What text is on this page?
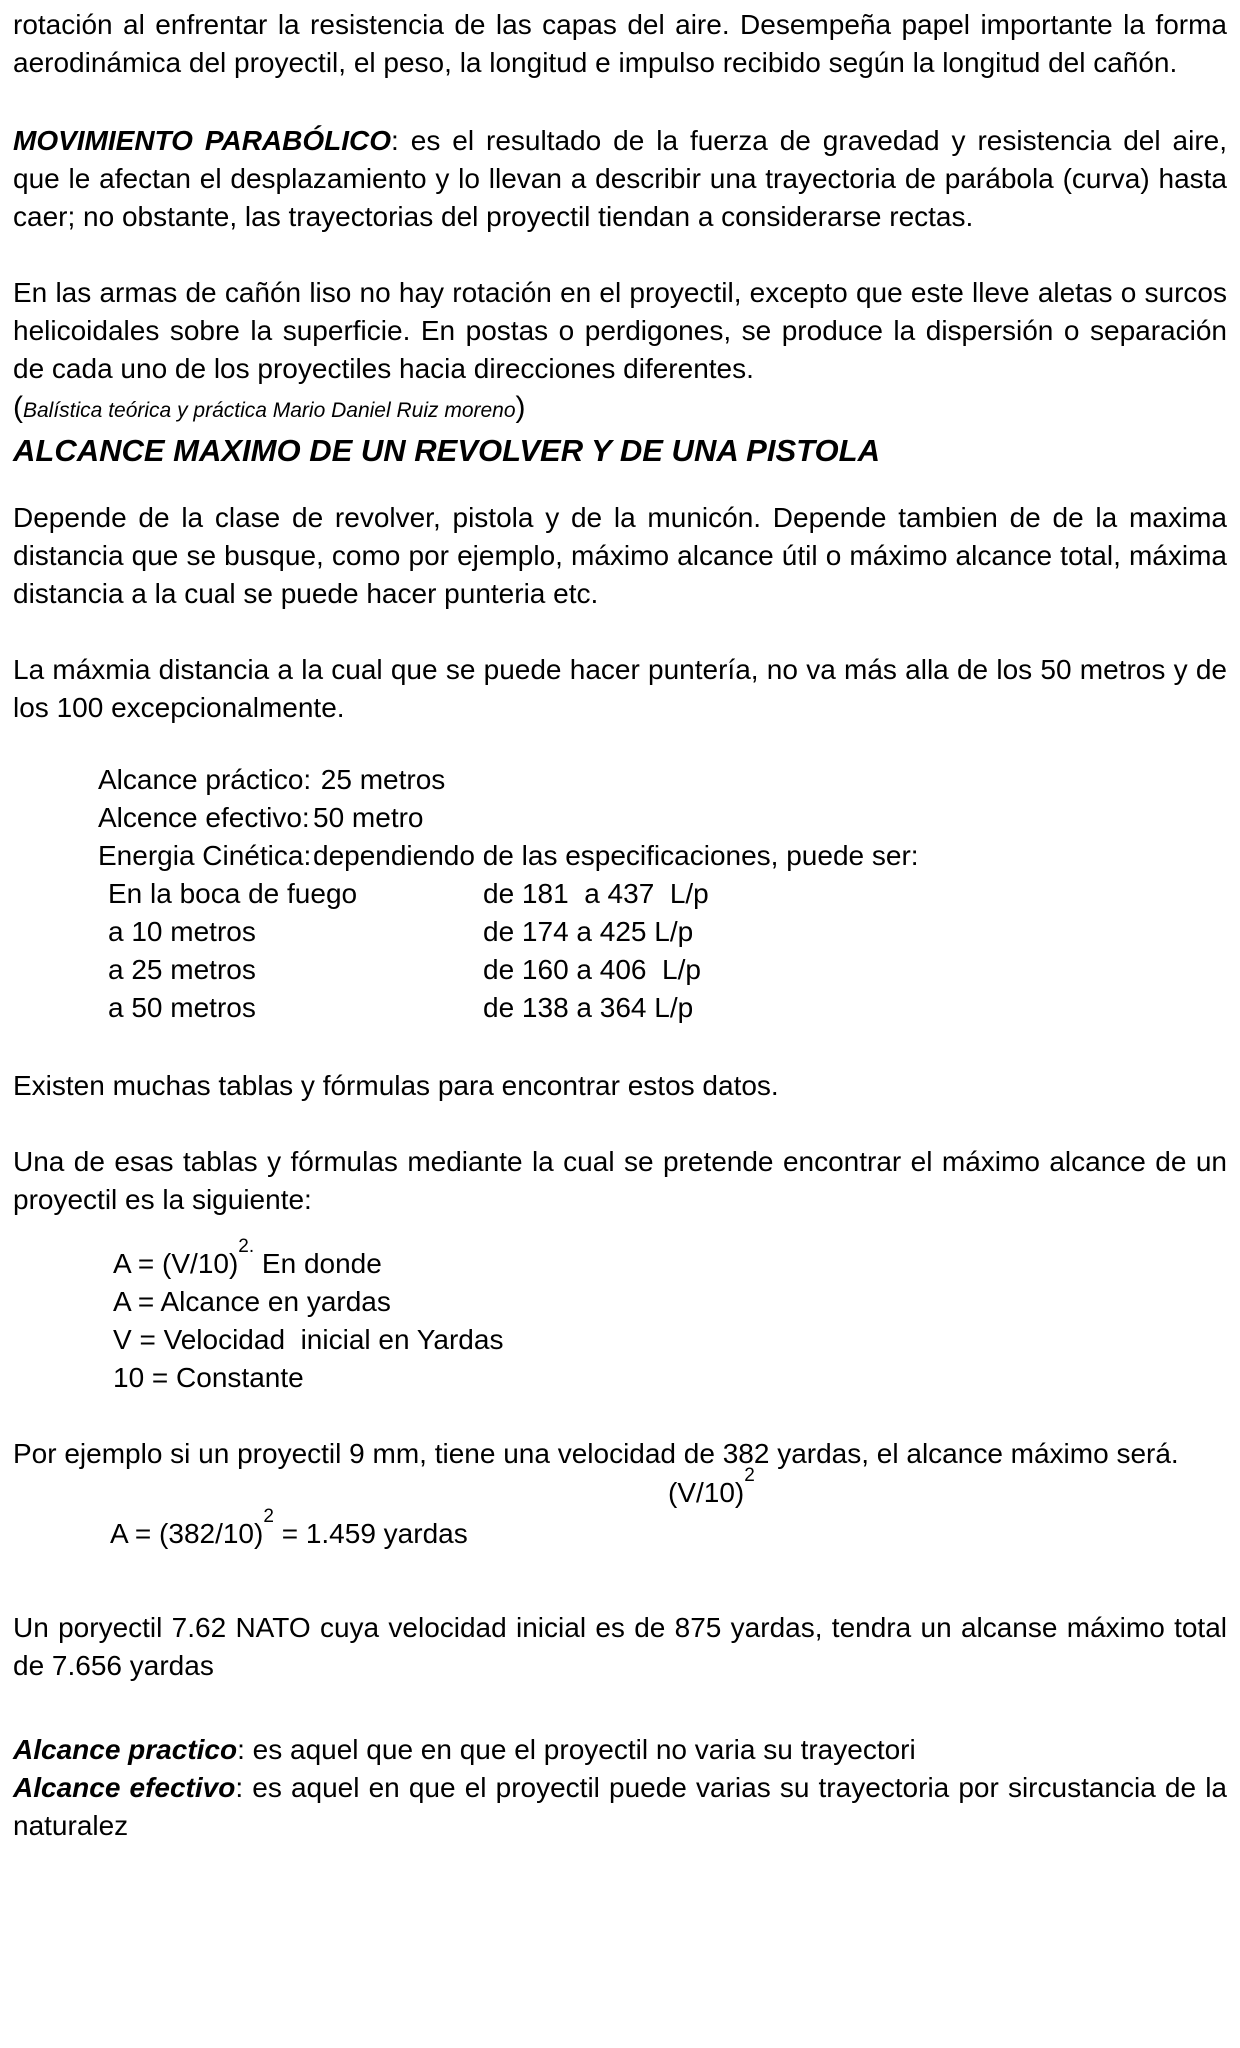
rotación al enfrentar la resistencia de las capas del aire. Desempeña papel importante la forma aerodinámica del proyectil, el peso, la longitud e impulso recibido según la longitud del cañón.

MOVIMIENTO PARABÓLICO: es el resultado de la fuerza de gravedad y resistencia del aire, que le afectan el desplazamiento y lo llevan a describir una trayectoria de parábola (curva) hasta caer; no obstante, las trayectorias del proyectil tiendan a considerarse rectas.

En las armas de cañón liso no hay rotación en el proyectil, excepto que este lleve aletas o surcos helicoidales sobre la superficie. En postas o perdigones, se produce la dispersión o separación de cada uno de los proyectiles hacia direcciones diferentes.

(Balística teórica y práctica Mario Daniel Ruiz moreno)
ALCANCE MAXIMO DE UN REVOLVER Y DE UNA PISTOLA

Depende de la clase de revolver, pistola y de la municón. Depende tambien de de la maxima distancia que se busque, como por ejemplo, máximo alcance útil o máximo alcance total, máxima distancia a la cual se puede hacer punteria etc.

La máxmia distancia a la cual que se puede hacer puntería, no va más alla de los 50 metros y de los 100 excepcionalmente.

Alcance práctico: 25 metros
Alcence efectivo: 50 metro
Energia Cinética:dependiendo de las especificaciones, puede ser:
En la boca de fuego	de 181  a 437  L/p
a 10 metros	de 174 a 425 L/p
a 25 metros	de 160 a 406  L/p
a 50 metros	de 138 a 364 L/p

Existen muchas tablas y fórmulas para encontrar estos datos.

Una de esas tablas y fórmulas mediante la cual se pretende encontrar el máximo alcance de un proyectil es la siguiente:

$A = (V/10)^{2.}$ En donde
A = Alcance en yardas
V = Velocidad  inicial en Yardas
10 = Constante

Por ejemplo si un proyectil 9 mm, tiene una velocidad de 382 yardas, el alcance máximo será.

$(V/10)^2$
$A = (382/10)^2 = 1.459$ yardas

Un poryectil 7.62 NATO cuya velocidad inicial es de 875 yardas, tendra un alcanse máximo total de 7.656 yardas

Alcance practico: es aquel que en que el proyectil no varia su trayectori

Alcance efectivo: es aquel en que el proyectil puede varias su trayectoria por sircustancia de la naturalez
